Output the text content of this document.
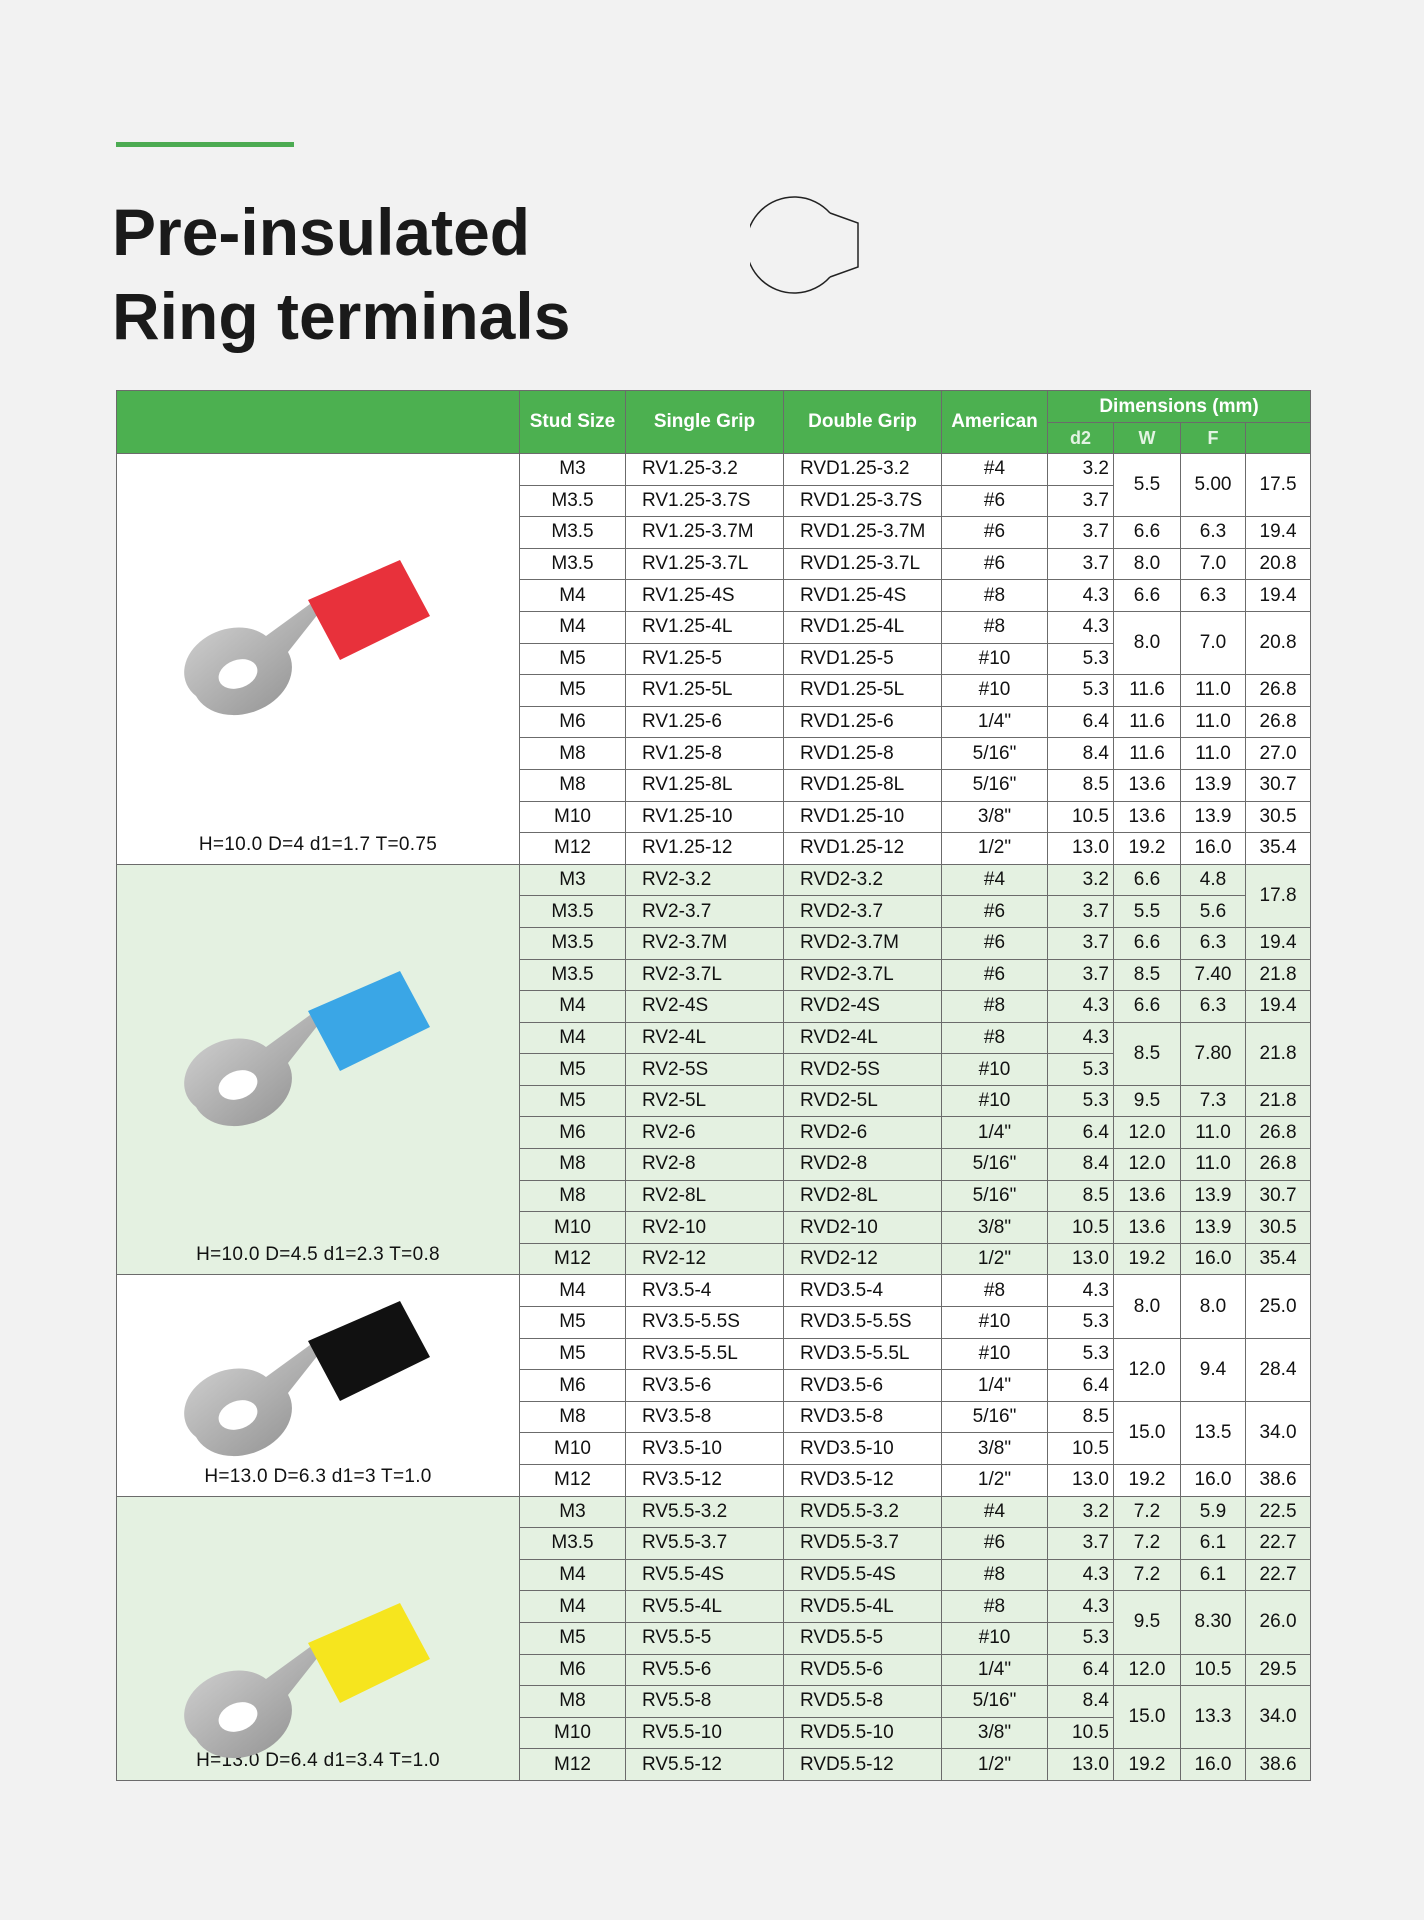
Pre-insulated
Ring terminals
	Stud Size	Single Grip	Double Grip	American	Dimensions (mm)			
					d2	W	F	

H=10.0 D=4 d1=1.7 T=0.75	M3	RV1.25-3.2	RVD1.25-3.2	#4	3.2	5.5	5.00	17.5
	M3.5	RV1.25-3.7S	RVD1.25-3.7S	#6	3.7			
	M3.5	RV1.25-3.7M	RVD1.25-3.7M	#6	3.7	6.6	6.3	19.4
	M3.5	RV1.25-3.7L	RVD1.25-3.7L	#6	3.7	8.0	7.0	20.8
	M4	RV1.25-4S	RVD1.25-4S	#8	4.3	6.6	6.3	19.4
	M4	RV1.25-4L	RVD1.25-4L	#8	4.3	8.0	7.0	20.8
	M5	RV1.25-5	RVD1.25-5	#10	5.3			
	M5	RV1.25-5L	RVD1.25-5L	#10	5.3	11.6	11.0	26.8
	M6	RV1.25-6	RVD1.25-6	1/4"	6.4	11.6	11.0	26.8
	M8	RV1.25-8	RVD1.25-8	5/16"	8.4	11.6	11.0	27.0
	M8	RV1.25-8L	RVD1.25-8L	5/16"	8.5	13.6	13.9	30.7
	M10	RV1.25-10	RVD1.25-10	3/8"	10.5	13.6	13.9	30.5
	M12	RV1.25-12	RVD1.25-12	1/2"	13.0	19.2	16.0	35.4

H=10.0 D=4.5 d1=2.3 T=0.8	M3	RV2-3.2	RVD2-3.2	#4	3.2	6.6	4.8	17.8
	M3.5	RV2-3.7	RVD2-3.7	#6	3.7	5.5	5.6	
	M3.5	RV2-3.7M	RVD2-3.7M	#6	3.7	6.6	6.3	19.4
	M3.5	RV2-3.7L	RVD2-3.7L	#6	3.7	8.5	7.40	21.8
	M4	RV2-4S	RVD2-4S	#8	4.3	6.6	6.3	19.4
	M4	RV2-4L	RVD2-4L	#8	4.3	8.5	7.80	21.8
	M5	RV2-5S	RVD2-5S	#10	5.3			
	M5	RV2-5L	RVD2-5L	#10	5.3	9.5	7.3	21.8
	M6	RV2-6	RVD2-6	1/4"	6.4	12.0	11.0	26.8
	M8	RV2-8	RVD2-8	5/16"	8.4	12.0	11.0	26.8
	M8	RV2-8L	RVD2-8L	5/16"	8.5	13.6	13.9	30.7
	M10	RV2-10	RVD2-10	3/8"	10.5	13.6	13.9	30.5
	M12	RV2-12	RVD2-12	1/2"	13.0	19.2	16.0	35.4

H=13.0 D=6.3 d1=3 T=1.0	M4	RV3.5-4	RVD3.5-4	#8	4.3	8.0	8.0	25.0
	M5	RV3.5-5.5S	RVD3.5-5.5S	#10	5.3			
	M5	RV3.5-5.5L	RVD3.5-5.5L	#10	5.3	12.0	9.4	28.4
	M6	RV3.5-6	RVD3.5-6	1/4"	6.4			
	M8	RV3.5-8	RVD3.5-8	5/16"	8.5	15.0	13.5	34.0
	M10	RV3.5-10	RVD3.5-10	3/8"	10.5			
	M12	RV3.5-12	RVD3.5-12	1/2"	13.0	19.2	16.0	38.6

H=13.0 D=6.4 d1=3.4 T=1.0	M3	RV5.5-3.2	RVD5.5-3.2	#4	3.2	7.2	5.9	22.5
	M3.5	RV5.5-3.7	RVD5.5-3.7	#6	3.7	7.2	6.1	22.7
	M4	RV5.5-4S	RVD5.5-4S	#8	4.3	7.2	6.1	22.7
	M4	RV5.5-4L	RVD5.5-4L	#8	4.3	9.5	8.30	26.0
	M5	RV5.5-5	RVD5.5-5	#10	5.3			
	M6	RV5.5-6	RVD5.5-6	1/4"	6.4	12.0	10.5	29.5
	M8	RV5.5-8	RVD5.5-8	5/16"	8.4	15.0	13.3	34.0
	M10	RV5.5-10	RVD5.5-10	3/8"	10.5			
	M12	RV5.5-12	RVD5.5-12	1/2"	13.0	19.2	16.0	38.6
